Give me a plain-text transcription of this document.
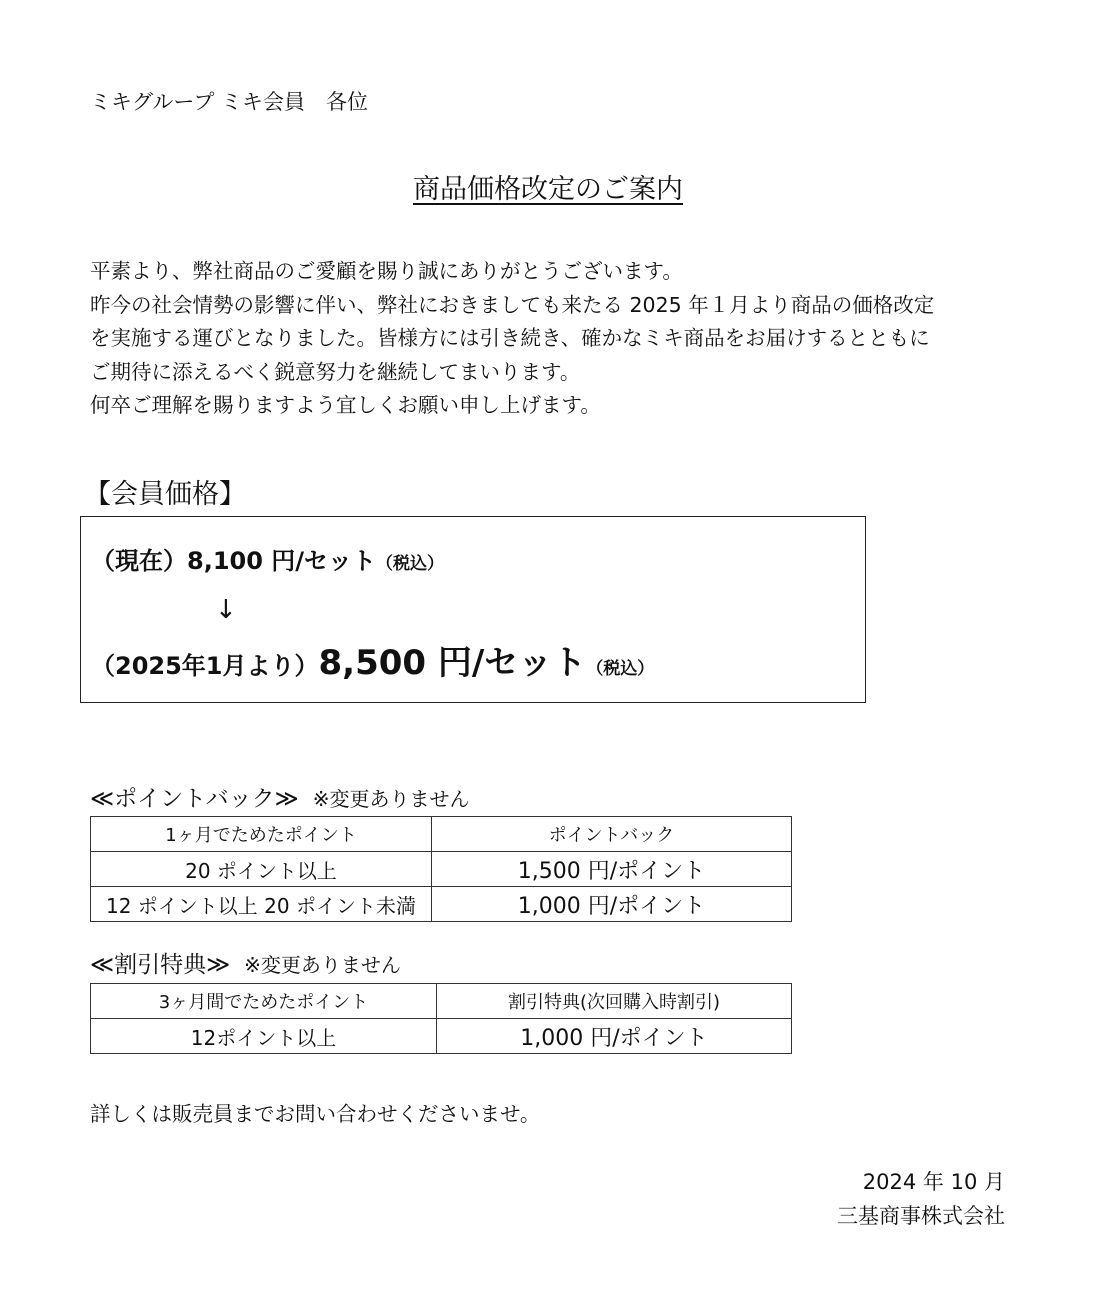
ミキグループ ミキ会員　各位
商品価格改定のご案内
平素より、弊社商品のご愛顧を賜り誠にありがとうございます。
昨今の社会情勢の影響に伴い、弊社におきましても来たる 2025 年１月より商品の価格改定
を実施する運びとなりました。皆様方には引き続き、確かなミキ商品をお届けするとともに
ご期待に添えるべく鋭意努力を継続してまいります。
何卒ご理解を賜りますよう宜しくお願い申し上げます。
【会員価格】
（現在）8,100 円/セット（税込）
↓
（2025年1月より）8,500 円/セット（税込）
≪ポイントバック≫ ※変更ありません
1ヶ月でためたポイント	ポイントバック
20 ポイント以上	1,500 円/ポイント
12 ポイント以上 20 ポイント未満	1,000 円/ポイント
≪割引特典≫ ※変更ありません
3ヶ月間でためたポイント	割引特典(次回購入時割引)
12ポイント以上	1,000 円/ポイント
詳しくは販売員までお問い合わせくださいませ。
2024 年 10 月
三基商事株式会社
